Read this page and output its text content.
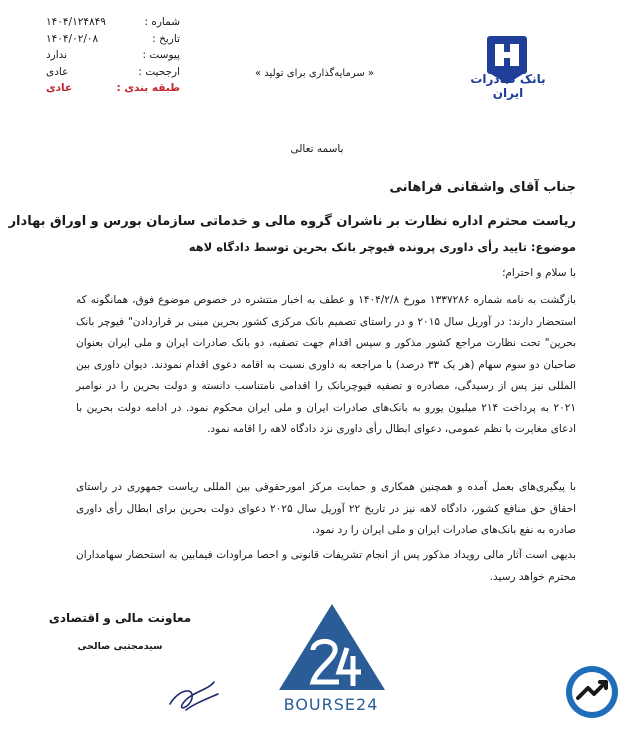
شماره :
۱۴۰۴/۱۲۴۸۴۹
تاریخ :
۱۴۰۴/۰۲/۰۸
پیوست :
ندارد
ارجحیت :
عادی
طبقه بندی :
عادی
« سرمایه‌گذاری برای تولید »	بانک صادرات ایران
باسمه تعالی
جناب آقای واشقانی فراهانی
ریاست محترم اداره نظارت بر ناشران گروه مالی و خدماتی سازمان بورس و اوراق بهادار
موضوع: تایید رأی داوری پرونده فیوچر بانک بحرین توسط دادگاه لاهه
با سلام و احترام؛
بازگشت به نامه شماره ۱۳۳۷۲۸۶ مورخ ۱۴۰۴/۲/۸ و عطف به اخبار منتشره در خصوص موضوع فوق، همانگونه که استحضار دارند: در آوریل سال ۲۰۱۵ و در راستای تصمیم بانک مرکزی کشور بحرین مبنی بر قراردادن" فیوچر بانک بحرین" تحت نظارت مراجع کشور مذکور و سپس اقدام جهت تصفیه، دو بانک صادرات ایران و ملی ایران بعنوان صاحبان دو سوم سهام (هر یک ۳۳ درصد) با مراجعه به داوری نسبت به اقامه دعوی اقدام نمودند. دیوان داوری بین المللی نیز پس از رسیدگی، مصادره و تصفیه فیوچربانک را اقدامی نامتناسب دانسته و دولت بحرین را در نوامبر ۲۰۲۱ به پرداخت ۲۱۴ میلیون یورو به بانک‌های صادرات ایران و ملی ایران محکوم نمود. در ادامه دولت بحرین با ادعای مغایرت با نظم عمومی، دعوای ابطال رأی داوری نزد دادگاه لاهه را اقامه نمود.
با پیگیری‌های بعمل آمده و همچنین همکاری و حمایت مرکز امورحقوقی بین المللی ریاست جمهوری در راستای احقاق حق منافع کشور، دادگاه لاهه نیز در تاریخ ۲۲ آوریل سال ۲۰۲۵ دعوای دولت بحرین برای ابطال رأی داوری صادره به نفع بانک‌های صادرات ایران و ملی ایران را رد نمود.
بدیهی است آثار مالی رویداد مذکور پس از انجام تشریفات قانونی و احصا مراودات فیمابین به استحضار سهامداران محترم خواهد رسید.
معاونت مالی و اقتصادی
سیدمجتبی صالحی
BOURSE24
